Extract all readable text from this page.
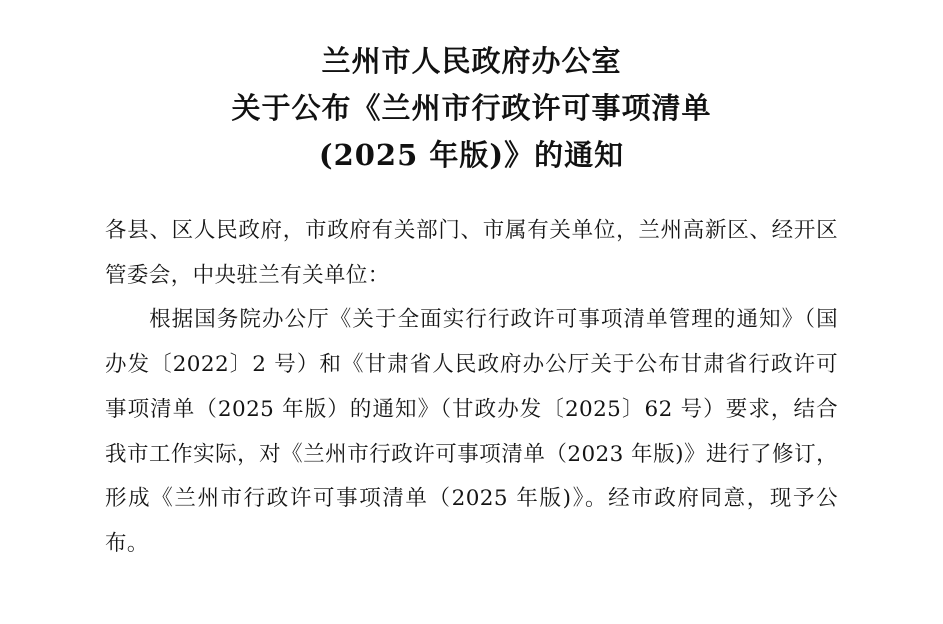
兰州市人民政府办公室
关于公布《兰州市行政许可事项清单
(2025 年版)》的通知

各县、区人民政府，市政府有关部门、市属有关单位，兰州高新区、经开区管委会，中央驻兰有关单位：

根据国务院办公厅《关于全面实行行政许可事项清单管理的通知》（国办发〔2022〕2 号）和《甘肃省人民政府办公厅关于公布甘肃省行政许可事项清单（2025 年版）的通知》（甘政办发〔2025〕62 号）要求，结合我市工作实际，对《兰州市行政许可事项清单（2023 年版)》进行了修订，形成《兰州市行政许可事项清单（2025 年版)》。经市政府同意，现予公布。
